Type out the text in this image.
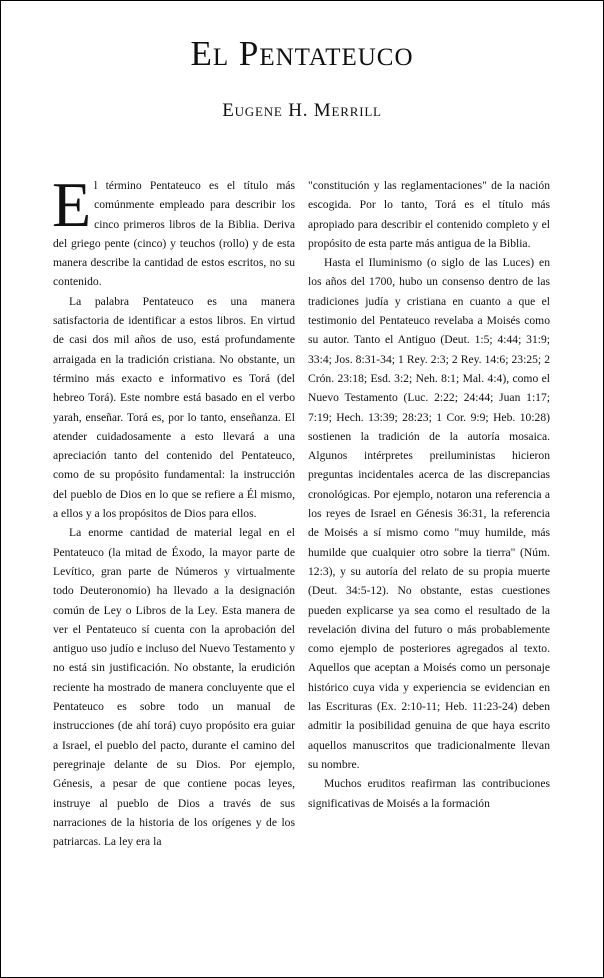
El Pentateuco
Eugene H. Merrill

El término Pentateuco es el título más comúnmente empleado para describir los cinco primeros libros de la Biblia. Deriva del griego pente (cinco) y teuchos (rollo) y de esta manera describe la cantidad de estos escritos, no su contenido.

La palabra Pentateuco es una manera satisfactoria de identificar a estos libros. En virtud de casi dos mil años de uso, está profundamente arraigada en la tradición cristiana. No obstante, un término más exacto e informativo es Torá (del hebreo Torá). Este nombre está basado en el verbo yarah, enseñar. Torá es, por lo tanto, enseñanza. El atender cuidadosamente a esto llevará a una apreciación tanto del contenido del Pentateuco, como de su propósito fundamental: la instrucción del pueblo de Dios en lo que se refiere a Él mismo, a ellos y a los propósitos de Dios para ellos.

La enorme cantidad de material legal en el Pentateuco (la mitad de Éxodo, la mayor parte de Levítico, gran parte de Números y virtualmente todo Deuteronomio) ha llevado a la designación común de Ley o Libros de la Ley. Esta manera de ver el Pentateuco sí cuenta con la aprobación del antiguo uso judío e incluso del Nuevo Testamento y no está sin justificación. No obstante, la erudición reciente ha mostrado de manera concluyente que el Pentateuco es sobre todo un manual de instrucciones (de ahí torá) cuyo propósito era guiar a Israel, el pueblo del pacto, durante el camino del peregrinaje delante de su Dios. Por ejemplo, Génesis, a pesar de que contiene pocas leyes, instruye al pueblo de Dios a través de sus narraciones de la historia de los orígenes y de los patriarcas. La ley era la

"constitución y las reglamentaciones" de la nación escogida. Por lo tanto, Torá es el título más apropiado para describir el contenido completo y el propósito de esta parte más antigua de la Biblia.

Hasta el Iluminismo (o siglo de las Luces) en los años del 1700, hubo un consenso dentro de las tradiciones judía y cristiana en cuanto a que el testimonio del Pentateuco revelaba a Moisés como su autor. Tanto el Antiguo (Deut. 1:5; 4:44; 31:9; 33:4; Jos. 8:31-34; 1 Rey. 2:3; 2 Rey. 14:6; 23:25; 2 Crón. 23:18; Esd. 3:2; Neh. 8:1; Mal. 4:4), como el Nuevo Testamento (Luc. 2:22; 24:44; Juan 1:17; 7:19; Hech. 13:39; 28:23; 1 Cor. 9:9; Heb. 10:28) sostienen la tradición de la autoría mosaica. Algunos intérpretes preiluministas hicieron preguntas incidentales acerca de las discrepancias cronológicas. Por ejemplo, notaron una referencia a los reyes de Israel en Génesis 36:31, la referencia de Moisés a sí mismo como "muy humilde, más humilde que cualquier otro sobre la tierra" (Núm. 12:3), y su autoría del relato de su propia muerte (Deut. 34:5-12). No obstante, estas cuestiones pueden explicarse ya sea como el resultado de la revelación divina del futuro o más probablemente como ejemplo de posteriores agregados al texto. Aquellos que aceptan a Moisés como un personaje histórico cuya vida y experiencia se evidencian en las Escrituras (Ex. 2:10-11; Heb. 11:23-24) deben admitir la posibilidad genuina de que haya escrito aquellos manuscritos que tradicionalmente llevan su nombre.

Muchos eruditos reafirman las contribuciones significativas de Moisés a la formación
